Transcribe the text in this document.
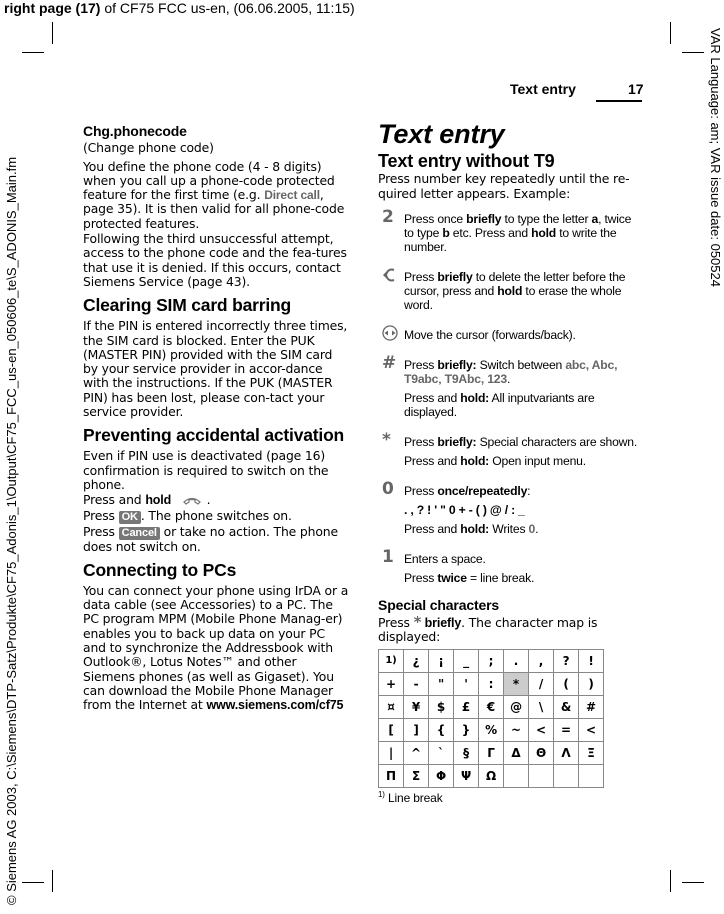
right page (17) of CF75 FCC us-en, (06.06.2005, 11:15)
VAR Language: am; VAR issue date: 050524
© Siemens AG 2003, C:\Siemens\DTP-Satz\Produkte\CF75_Adonis_1\Output\CF75_FCC_us-en_050606_te\S_ADONIS_Main.fm
Text entry	17
Chg.phonecode

(Change phone code)

You define the phone code (4 - 8 digits) when you call up a phone-code protected feature for the first time (e.g. Direct call, page 35). It is then valid for all phone-code protected features.

Following the third unsuccessful attempt, access to the phone code and the fea-tures that use it is denied. If this occurs, contact Siemens Service (page 43).

Clearing SIM card barring

If the PIN is entered incorrectly three times, the SIM card is blocked. Enter the PUK (MASTER PIN) provided with the SIM card by your service provider in accor-dance with the instructions. If the PUK (MASTER PIN) has been lost, please con-tact your service provider.

Preventing accidental activation

Even if PIN use is deactivated (page 16) confirmation is required to switch on the phone.

Press and hold	.

Press OK . The phone switches on.

Press Cancel or take no action. The phone does not switch on.

Connecting to PCs

You can connect your phone using IrDA or a data cable (see Accessories) to a PC. The PC program MPM (Mobile Phone Manag-er) enables you to back up data on your PC and to synchronize the Addressbook with Outlook®, Lotus Notes™ and other Siemens phones (as well as Gigaset). You can download the Mobile Phone Manager from the Internet at www.siemens.com/cf75

Text entry
Text entry without T9

Press number key repeatedly until the re-quired letter appears. Example:

2 Press once briefly to type the letter a, twice to type b etc. Press and hold to write the number.

Press briefly to delete the letter before the cursor, press and hold to erase the whole word.

Move the cursor (forwards/back).

# Press briefly: Switch between abc, Abc, T9abc, T9Abc, 123.

Press and hold: All inputvariants are displayed.

*	Press briefly: Special characters are shown.

Press and hold: Open input menu.

0 Press once/repeatedly:

. , ? ! ' " 0 + - ( ) @ / : _

Press and hold: Writes 0.

1 Enters a space.

Press twice = line break.

Special characters

Press * briefly. The character map is displayed:

1)	¿	¡	_	;	.	,	?	!
+	-	"	'	:	*	/	(	)
¤	¥	$	£	€	@	\	&	#
[	]	{	}	%	~	<	=	<
|	^	`	§	Γ	Δ	Θ	Λ	Ξ
Π	Σ	Φ	Ψ	Ω				
$^{1)}$ Line break
